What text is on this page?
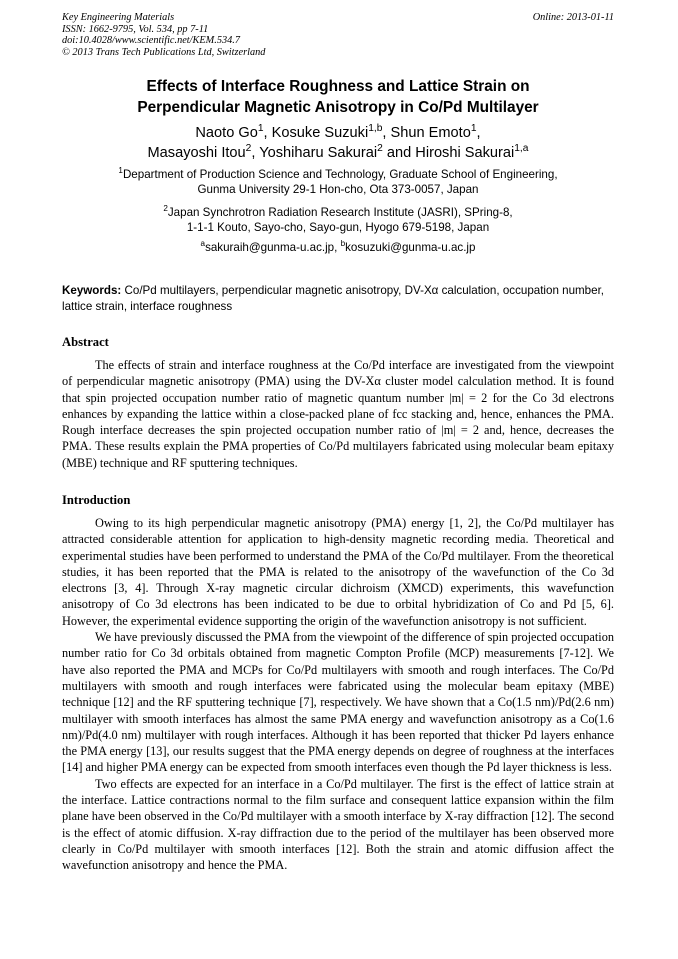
Key Engineering Materials
ISSN: 1662-9795, Vol. 534, pp 7-11
doi:10.4028/www.scientific.net/KEM.534.7
© 2013 Trans Tech Publications Ltd, Switzerland
Online: 2013-01-11
Effects of Interface Roughness and Lattice Strain on
Perpendicular Magnetic Anisotropy in Co/Pd Multilayer
Naoto Go$^1$, Kosuke Suzuki$^{1,b}$, Shun Emoto$^1$,
Masayoshi Itou$^2$, Yoshiharu Sakurai$^2$ and Hiroshi Sakurai$^{1,a}$
$^1$Department of Production Science and Technology, Graduate School of Engineering,
Gunma University 29-1 Hon-cho, Ota 373-0057, Japan
$^2$Japan Synchrotron Radiation Research Institute (JASRI), SPring-8,
1-1-1 Kouto, Sayo-cho, Sayo-gun, Hyogo 679-5198, Japan
$^a$sakuraih@gunma-u.ac.jp, $^b$kosuzuki@gunma-u.ac.jp
Keywords: Co/Pd multilayers, perpendicular magnetic anisotropy, DV-Xα calculation, occupation number, lattice strain, interface roughness
Abstract

The effects of strain and interface roughness at the Co/Pd interface are investigated from the viewpoint of perpendicular magnetic anisotropy (PMA) using the DV-Xα cluster model calculation method. It is found that spin projected occupation number ratio of magnetic quantum number |m| = 2 for the Co 3d electrons enhances by expanding the lattice within a close-packed plane of fcc stacking and, hence, enhances the PMA. Rough interface decreases the spin projected occupation number ratio of |m| = 2 and, hence, decreases the PMA. These results explain the PMA properties of Co/Pd multilayers fabricated using molecular beam epitaxy (MBE) technique and RF sputtering techniques.

Introduction

Owing to its high perpendicular magnetic anisotropy (PMA) energy [1, 2], the Co/Pd multilayer has attracted considerable attention for application to high-density magnetic recording media. Theoretical and experimental studies have been performed to understand the PMA of the Co/Pd multilayer. From the theoretical studies, it has been reported that the PMA is related to the anisotropy of the wavefunction of the Co 3d electrons [3, 4]. Through X-ray magnetic circular dichroism (XMCD) experiments, this wavefunction anisotropy of Co 3d electrons has been indicated to be due to orbital hybridization of Co and Pd [5, 6]. However, the experimental evidence supporting the origin of the wavefunction anisotropy is not sufficient.

We have previously discussed the PMA from the viewpoint of the difference of spin projected occupation number ratio for Co 3d orbitals obtained from magnetic Compton Profile (MCP) measurements [7-12]. We have also reported the PMA and MCPs for Co/Pd multilayers with smooth and rough interfaces. The Co/Pd multilayers with smooth and rough interfaces were fabricated using the molecular beam epitaxy (MBE) technique [12] and the RF sputtering technique [7], respectively. We have shown that a Co(1.5 nm)/Pd(2.6 nm) multilayer with smooth interfaces has almost the same PMA energy and wavefunction anisotropy as a Co(1.6 nm)/Pd(4.0 nm) multilayer with rough interfaces. Although it has been reported that thicker Pd layers enhance the PMA energy [13], our results suggest that the PMA energy depends on degree of roughness at the interfaces [14] and higher PMA energy can be expected from smooth interfaces even though the Pd layer thickness is less.

Two effects are expected for an interface in a Co/Pd multilayer. The first is the effect of lattice strain at the interface. Lattice contractions normal to the film surface and consequent lattice expansion within the film plane have been observed in the Co/Pd multilayer with a smooth interface by X-ray diffraction [12]. The second is the effect of atomic diffusion. X-ray diffraction due to the period of the multilayer has been observed more clearly in Co/Pd multilayer with smooth interfaces [12]. Both the strain and atomic diffusion affect the wavefunction anisotropy and hence the PMA.
